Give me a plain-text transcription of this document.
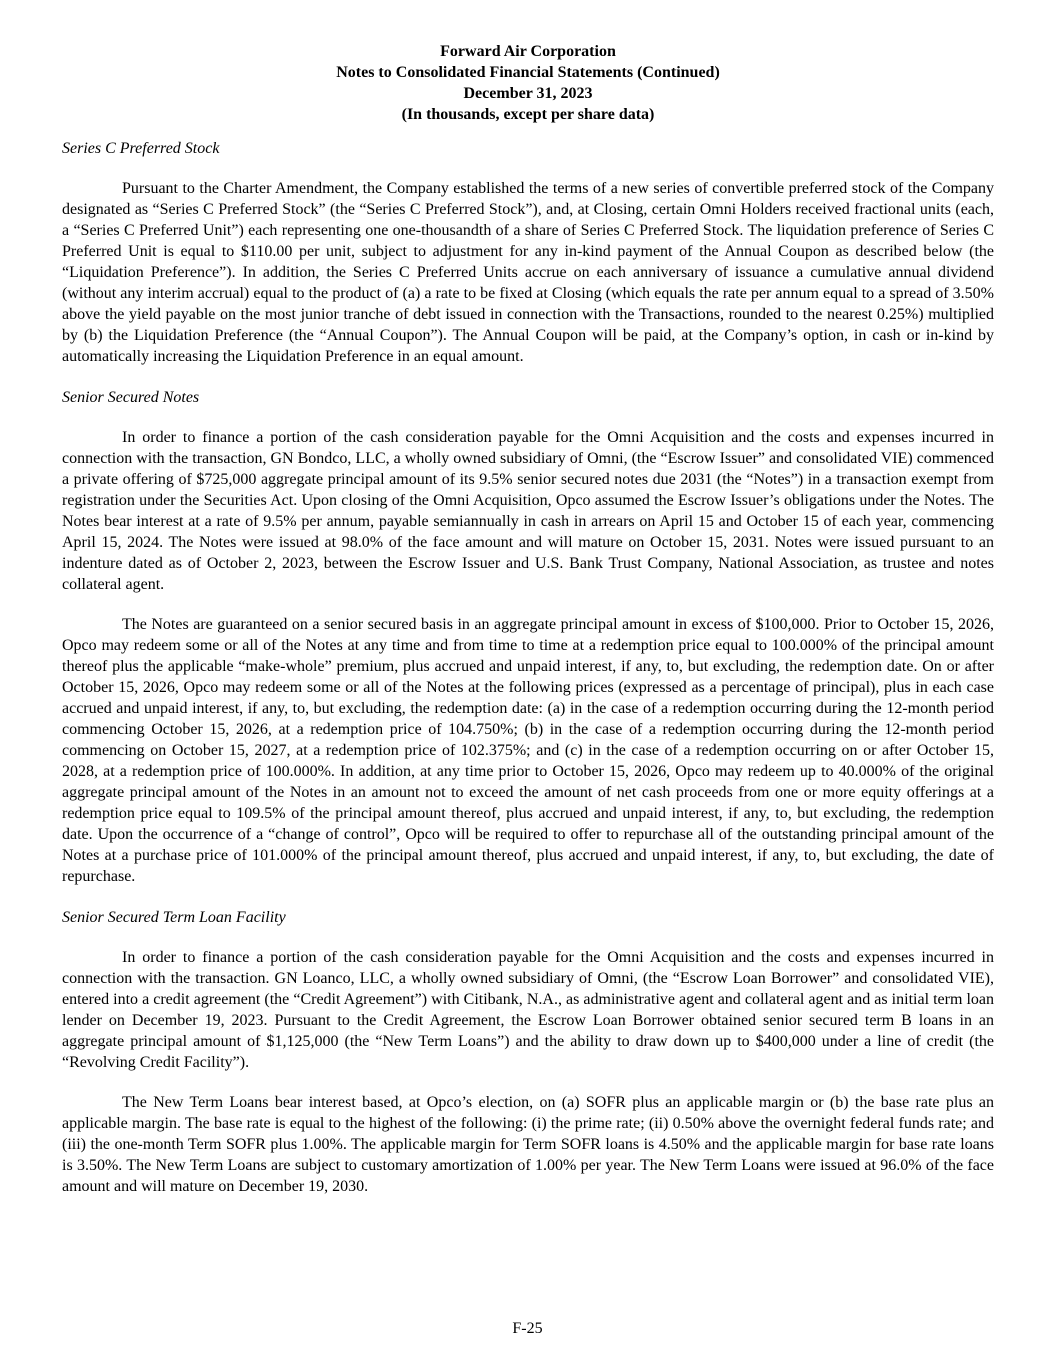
Forward Air Corporation
Notes to Consolidated Financial Statements (Continued)
December 31, 2023
(In thousands, except per share data)
Series C Preferred Stock

Pursuant to the Charter Amendment, the Company established the terms of a new series of convertible preferred stock of the Company designated as “Series C Preferred Stock” (the “Series C Preferred Stock”), and, at Closing, certain Omni Holders received fractional units (each, a “Series C Preferred Unit”) each representing one one-thousandth of a share of Series C Preferred Stock. The liquidation preference of Series C Preferred Unit is equal to $110.00 per unit, subject to adjustment for any in-kind payment of the Annual Coupon as described below (the “Liquidation Preference”). In addition, the Series C Preferred Units accrue on each anniversary of issuance a cumulative annual dividend (without any interim accrual) equal to the product of (a) a rate to be fixed at Closing (which equals the rate per annum equal to a spread of 3.50% above the yield payable on the most junior tranche of debt issued in connection with the Transactions, rounded to the nearest 0.25%) multiplied by (b) the Liquidation Preference (the “Annual Coupon”). The Annual Coupon will be paid, at the Company’s option, in cash or in-kind by automatically increasing the Liquidation Preference in an equal amount.

Senior Secured Notes

In order to finance a portion of the cash consideration payable for the Omni Acquisition and the costs and expenses incurred in connection with the transaction, GN Bondco, LLC, a wholly owned subsidiary of Omni, (the “Escrow Issuer” and consolidated VIE) commenced a private offering of $725,000 aggregate principal amount of its 9.5% senior secured notes due 2031 (the “Notes”) in a transaction exempt from registration under the Securities Act. Upon closing of the Omni Acquisition, Opco assumed the Escrow Issuer’s obligations under the Notes. The Notes bear interest at a rate of 9.5% per annum, payable semiannually in cash in arrears on April 15 and October 15 of each year, commencing April 15, 2024. The Notes were issued at 98.0% of the face amount and will mature on October 15, 2031. Notes were issued pursuant to an indenture dated as of October 2, 2023, between the Escrow Issuer and U.S. Bank Trust Company, National Association, as trustee and notes collateral agent.

The Notes are guaranteed on a senior secured basis in an aggregate principal amount in excess of $100,000. Prior to October 15, 2026, Opco may redeem some or all of the Notes at any time and from time to time at a redemption price equal to 100.000% of the principal amount thereof plus the applicable “make-whole” premium, plus accrued and unpaid interest, if any, to, but excluding, the redemption date. On or after October 15, 2026, Opco may redeem some or all of the Notes at the following prices (expressed as a percentage of principal), plus in each case accrued and unpaid interest, if any, to, but excluding, the redemption date: (a) in the case of a redemption occurring during the 12-month period commencing October 15, 2026, at a redemption price of 104.750%; (b) in the case of a redemption occurring during the 12-month period commencing on October 15, 2027, at a redemption price of 102.375%; and (c) in the case of a redemption occurring on or after October 15, 2028, at a redemption price of 100.000%. In addition, at any time prior to October 15, 2026, Opco may redeem up to 40.000% of the original aggregate principal amount of the Notes in an amount not to exceed the amount of net cash proceeds from one or more equity offerings at a redemption price equal to 109.5% of the principal amount thereof, plus accrued and unpaid interest, if any, to, but excluding, the redemption date. Upon the occurrence of a “change of control”, Opco will be required to offer to repurchase all of the outstanding principal amount of the Notes at a purchase price of 101.000% of the principal amount thereof, plus accrued and unpaid interest, if any, to, but excluding, the date of repurchase.

Senior Secured Term Loan Facility

In order to finance a portion of the cash consideration payable for the Omni Acquisition and the costs and expenses incurred in connection with the transaction. GN Loanco, LLC, a wholly owned subsidiary of Omni, (the “Escrow Loan Borrower” and consolidated VIE), entered into a credit agreement (the “Credit Agreement”) with Citibank, N.A., as administrative agent and collateral agent and as initial term loan lender on December 19, 2023. Pursuant to the Credit Agreement, the Escrow Loan Borrower obtained senior secured term B loans in an aggregate principal amount of $1,125,000 (the “New Term Loans”) and the ability to draw down up to $400,000 under a line of credit (the “Revolving Credit Facility”).

The New Term Loans bear interest based, at Opco’s election, on (a) SOFR plus an applicable margin or (b) the base rate plus an applicable margin. The base rate is equal to the highest of the following: (i) the prime rate; (ii) 0.50% above the overnight federal funds rate; and (iii) the one-month Term SOFR plus 1.00%. The applicable margin for Term SOFR loans is 4.50% and the applicable margin for base rate loans is 3.50%. The New Term Loans are subject to customary amortization of 1.00% per year. The New Term Loans were issued at 96.0% of the face amount and will mature on December 19, 2030.

F-25
